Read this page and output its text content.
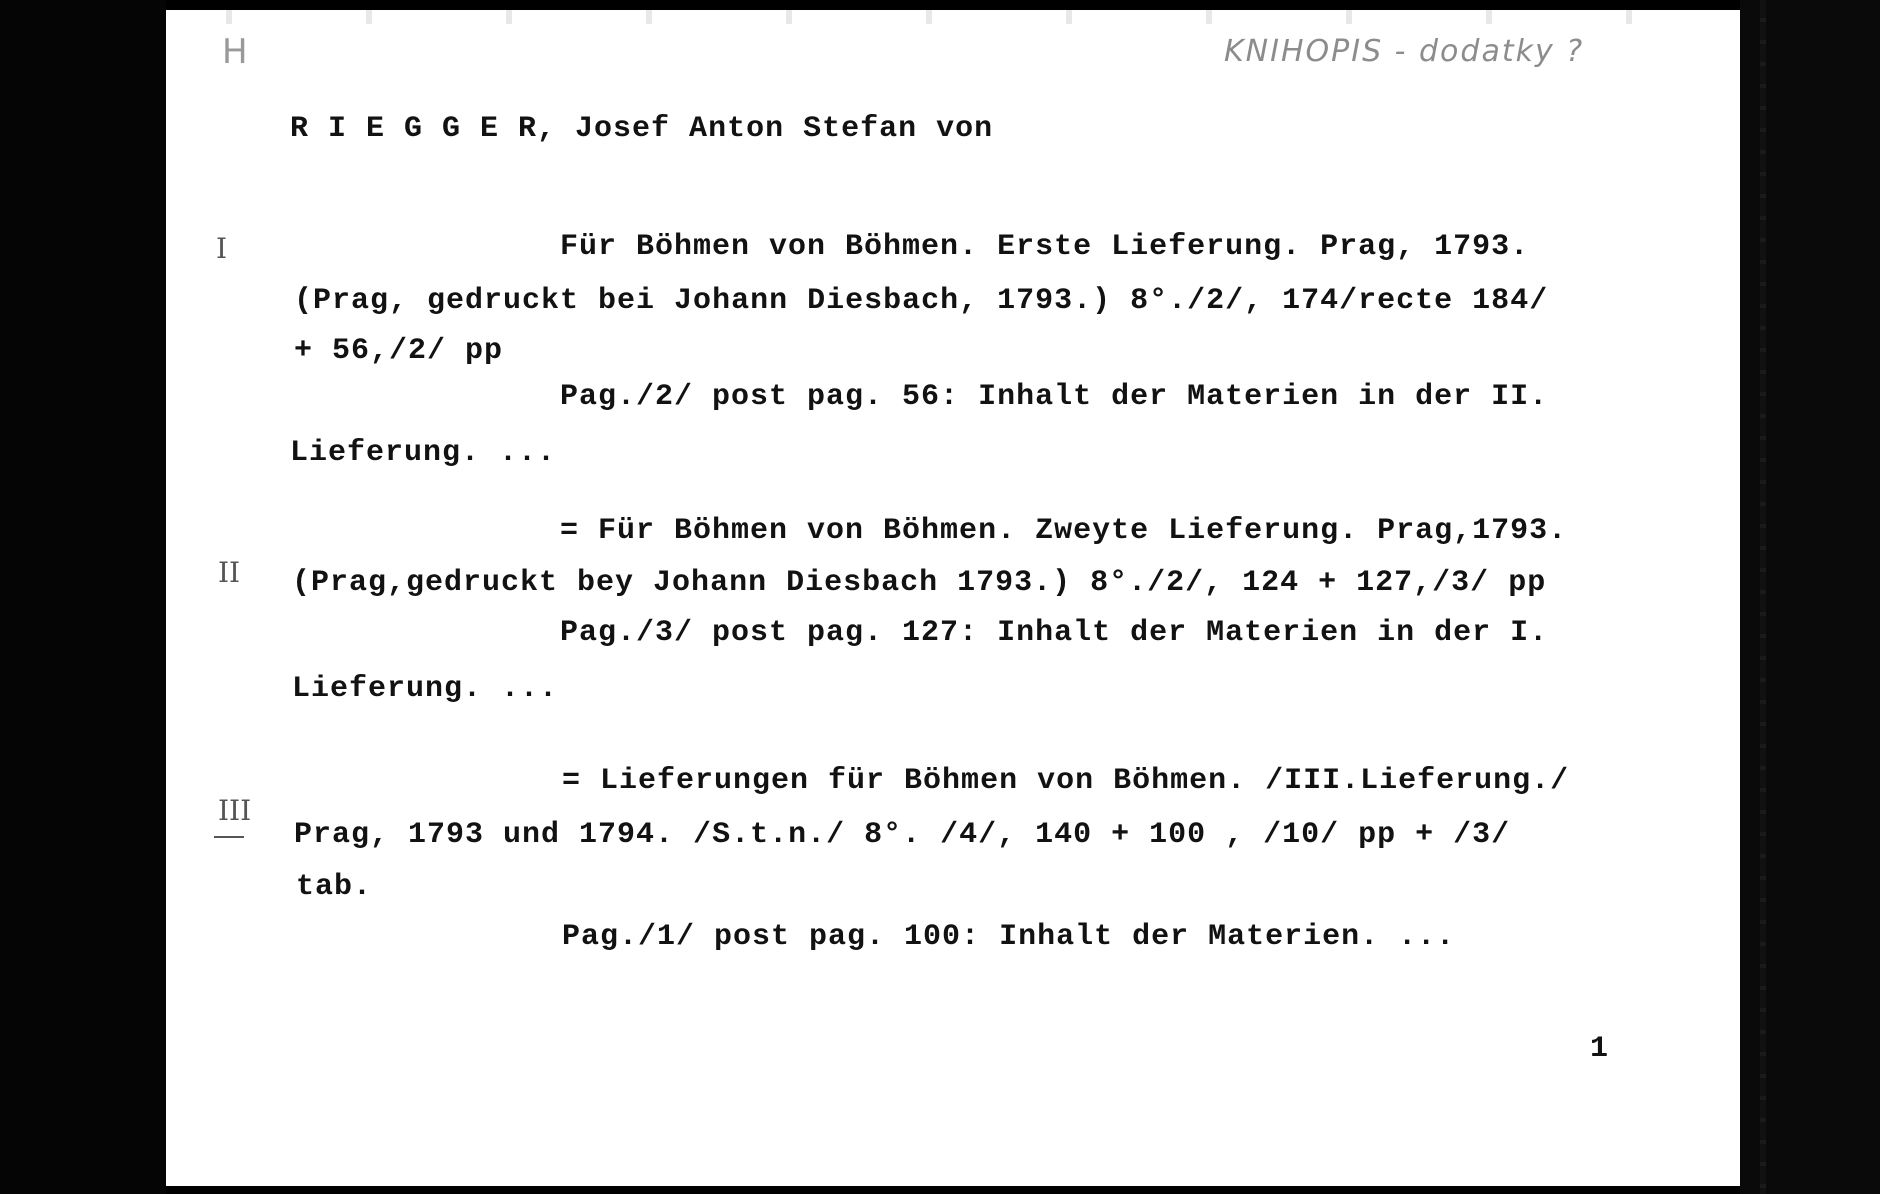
H	KNIHOPIS - dodatky ?
R I E G G E R, Josef Anton Stefan von
I	Für Böhmen von Böhmen. Erste Lieferung. Prag, 1793.
(Prag, gedruckt bei Johann Diesbach, 1793.) 8°./2/, 174/recte 184/
+ 56,/2/ pp
Pag./2/ post pag. 56: Inhalt der Materien in der II.
Lieferung. ...
II
= Für Böhmen von Böhmen. Zweyte Lieferung. Prag,1793.
(Prag,gedruckt bey Johann Diesbach 1793.) 8°./2/, 124 + 127,/3/ pp
Pag./3/ post pag. 127: Inhalt der Materien in der I.
Lieferung. ...
III
= Lieferungen für Böhmen von Böhmen. /III.Lieferung./
Prag, 1793 und 1794. /S.t.n./ 8°. /4/, 140 + 100 , /10/ pp + /3/
tab.
Pag./1/ post pag. 100: Inhalt der Materien. ...
1
